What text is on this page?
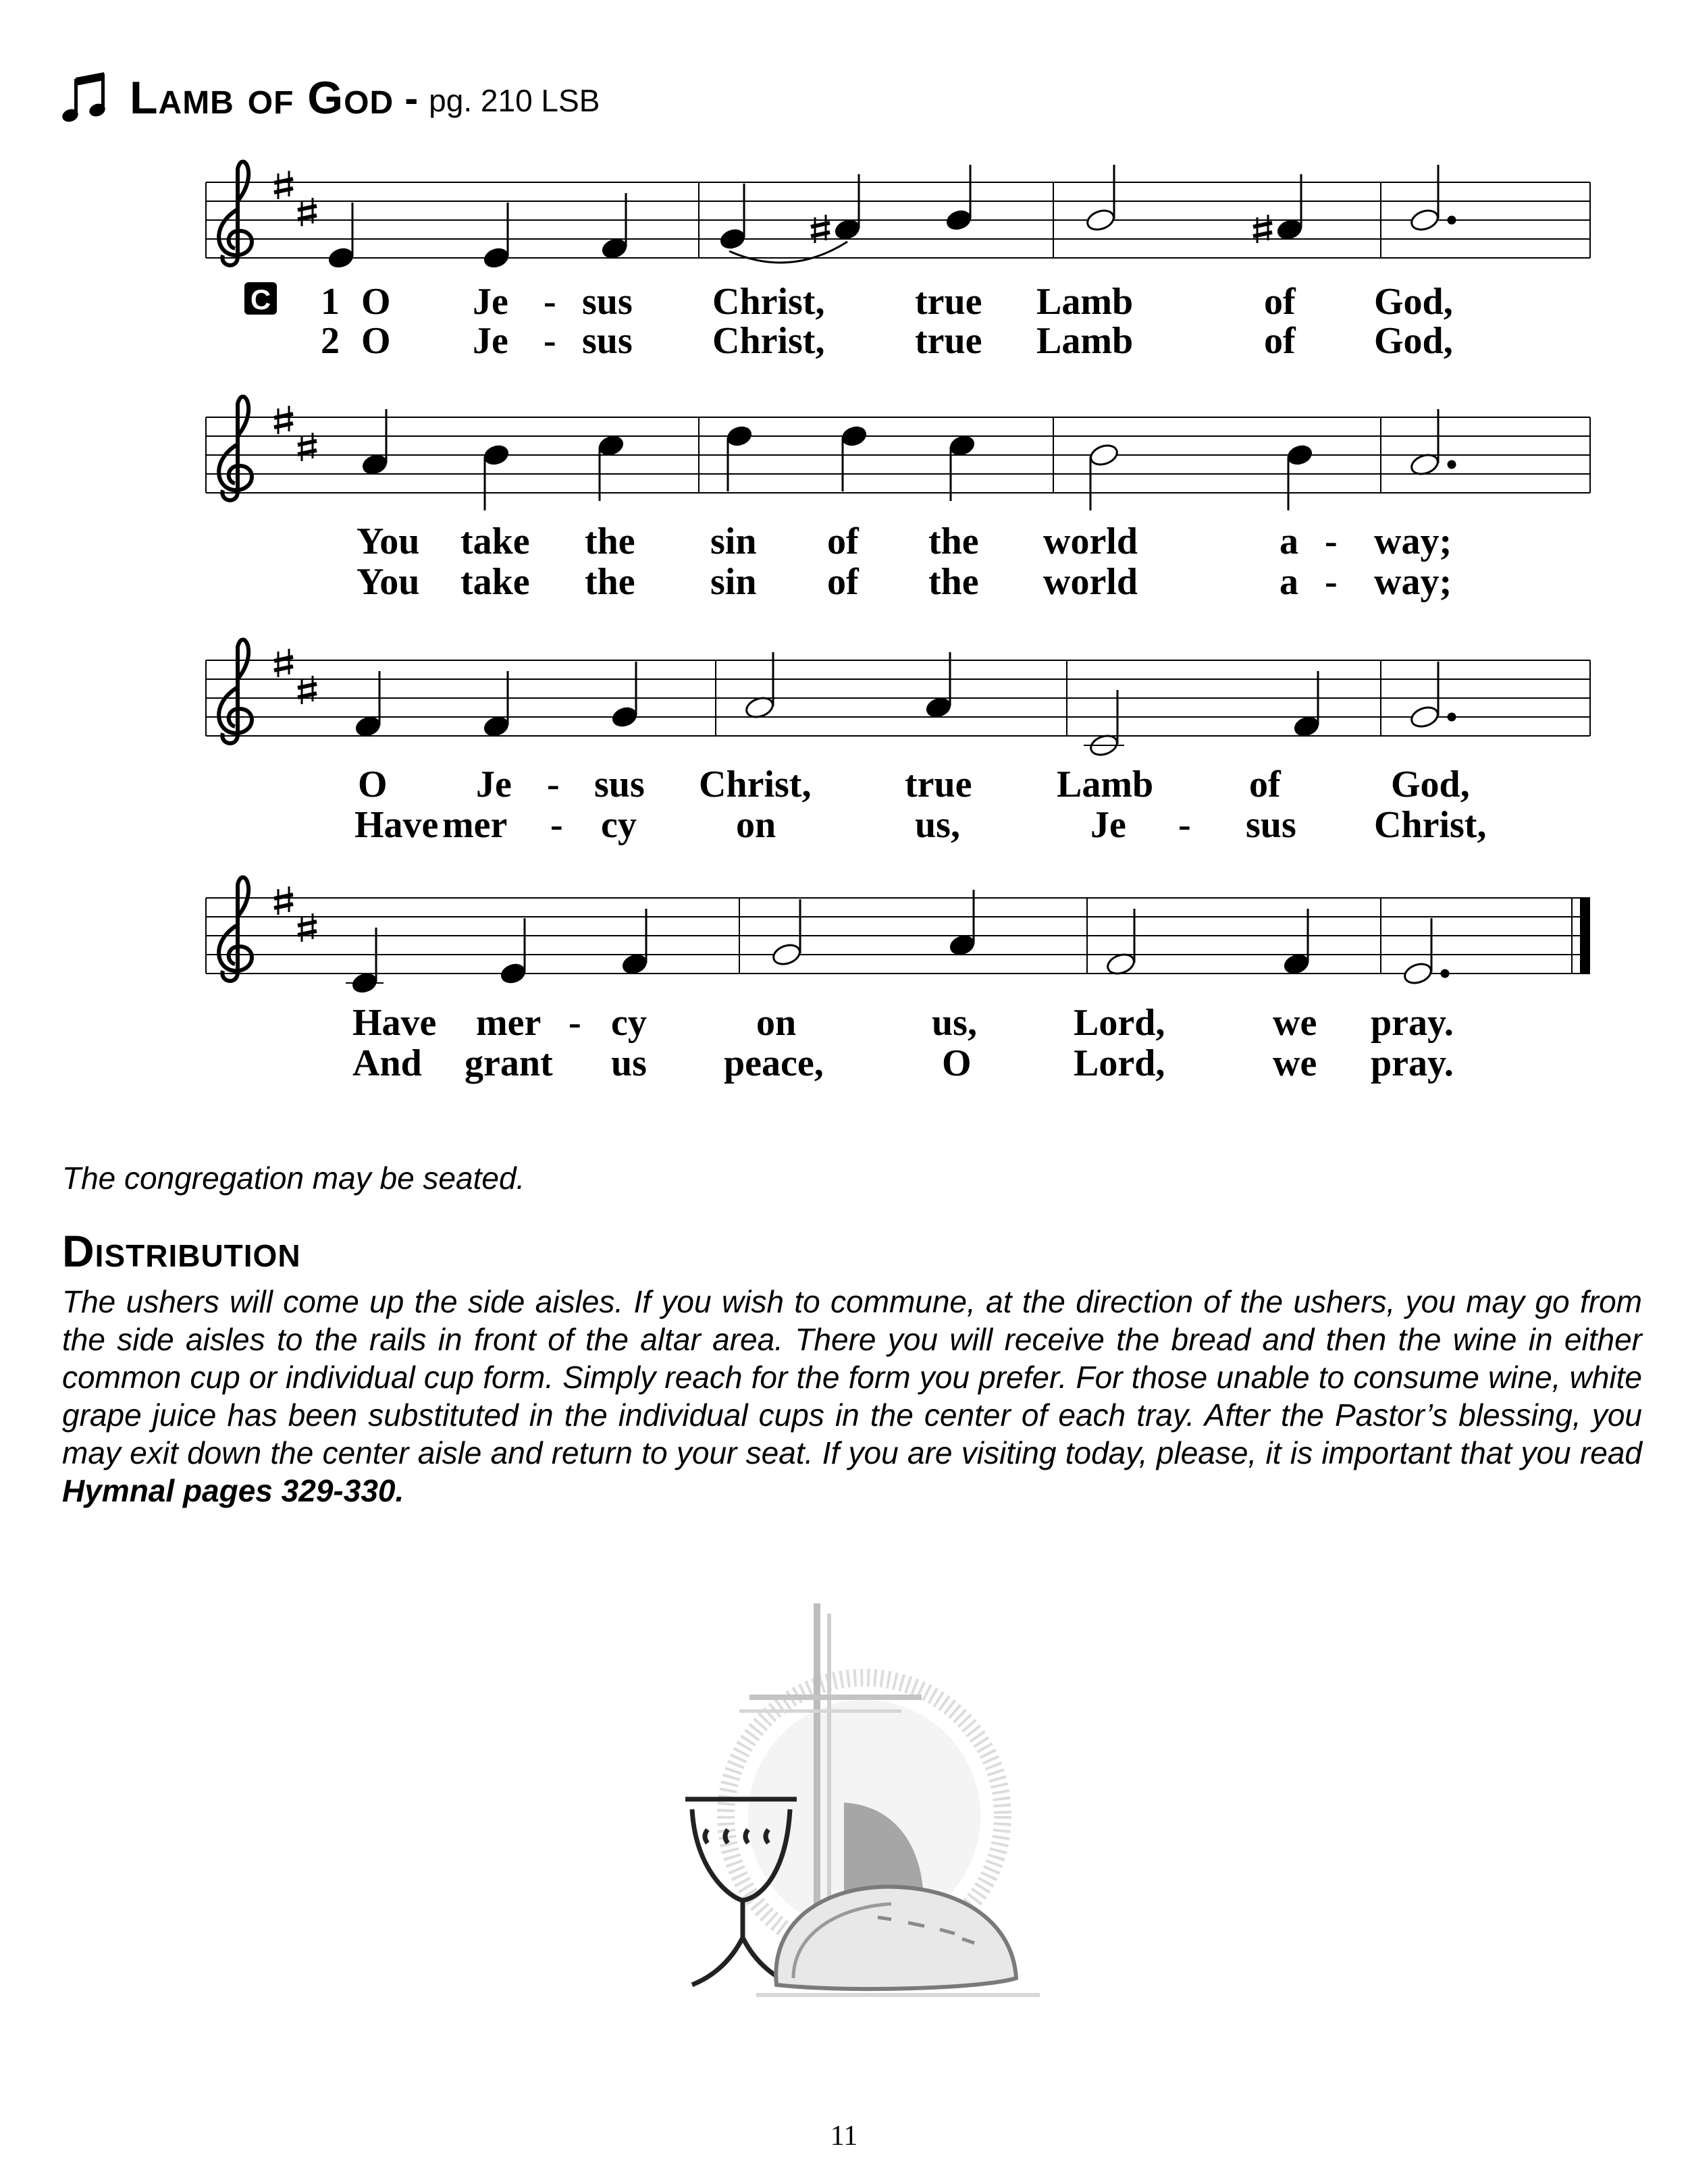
Lamb of God - pg. 210 LSB
C 1 O Je - sus Christ, true Lamb	of God,
2 O Je - sus Christ, true Lamb	of God,
You take the sin of the world	a - way;
You take the sin of the world	a - way;
O Je - sus Christ, true Lamb	of	God,
Have mer - cy	on	us,	Je - sus Christ,
Have mer - cy	on	us,	Lord,	we pray.
And grant us peace,	O	Lord,	we pray.
The congregation may be seated.
Distribution
The ushers will come up the side aisles. If you wish to commune, at the direction of the ushers, you may go from the side aisles to the rails in front of the altar area. There you will receive the bread and then the wine in either common cup or individual cup form. Simply reach for the form you prefer. For those unable to consume wine, white grape juice has been substituted in the individual cups in the center of each tray. After the Pastor’s blessing, you may exit down the center aisle and return to your seat. If you are visiting today, please, it is important that you read Hymnal pages 329-330.
11
